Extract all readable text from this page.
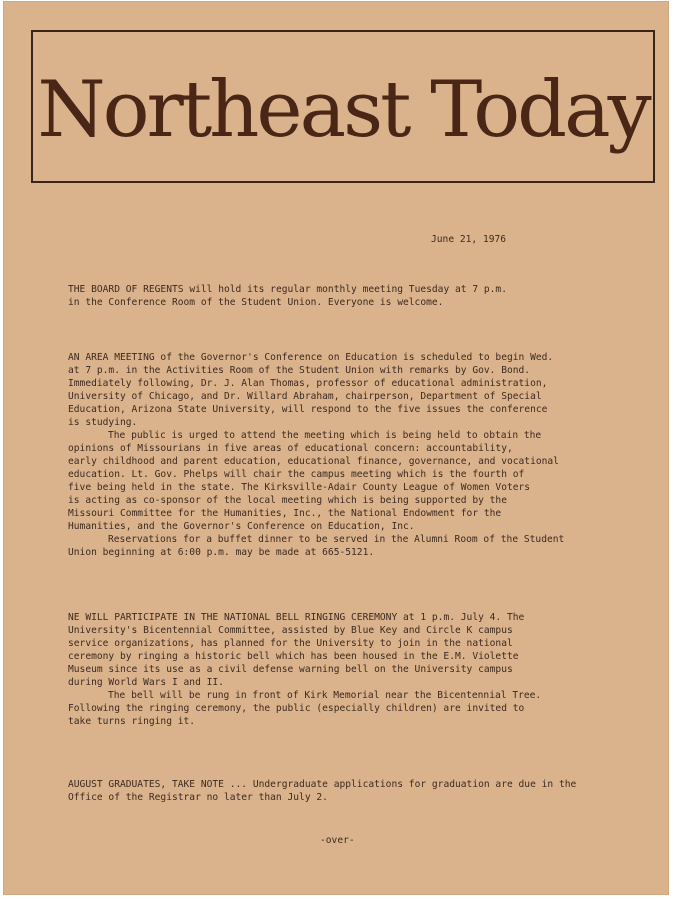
Northeast Today

June 21, 1976

THE BOARD OF REGENTS will hold its regular monthly meeting Tuesday at 7 p.m.
in the Conference Room of the Student Union. Everyone is welcome.
AN AREA MEETING of the Governor's Conference on Education is scheduled to begin Wed.
at 7 p.m. in the Activities Room of the Student Union with remarks by Gov. Bond.
Immediately following, Dr. J. Alan Thomas, professor of educational administration,
University of Chicago, and Dr. Willard Abraham, chairperson, Department of Special
Education, Arizona State University, will respond to the five issues the conference
is studying.
The public is urged to attend the meeting which is being held to obtain the
opinions of Missourians in five areas of educational concern: accountability,
early childhood and parent education, educational finance, governance, and vocational
education. Lt. Gov. Phelps will chair the campus meeting which is the fourth of
five being held in the state. The Kirksville-Adair County League of Women Voters
is acting as co-sponsor of the local meeting which is being supported by the
Missouri Committee for the Humanities, Inc., the National Endowment for the
Humanities, and the Governor's Conference on Education, Inc.
Reservations for a buffet dinner to be served in the Alumni Room of the Student
Union beginning at 6:00 p.m. may be made at 665-5121.
NE WILL PARTICIPATE IN THE NATIONAL BELL RINGING CEREMONY at 1 p.m. July 4. The
University's Bicentennial Committee, assisted by Blue Key and Circle K campus
service organizations, has planned for the University to join in the national
ceremony by ringing a historic bell which has been housed in the E.M. Violette
Museum since its use as a civil defense warning bell on the University campus
during World Wars I and II.
The bell will be rung in front of Kirk Memorial near the Bicentennial Tree.
Following the ringing ceremony, the public (especially children) are invited to
take turns ringing it.
AUGUST GRADUATES, TAKE NOTE ... Undergraduate applications for graduation are due in the
Office of the Registrar no later than July 2.

-over-
